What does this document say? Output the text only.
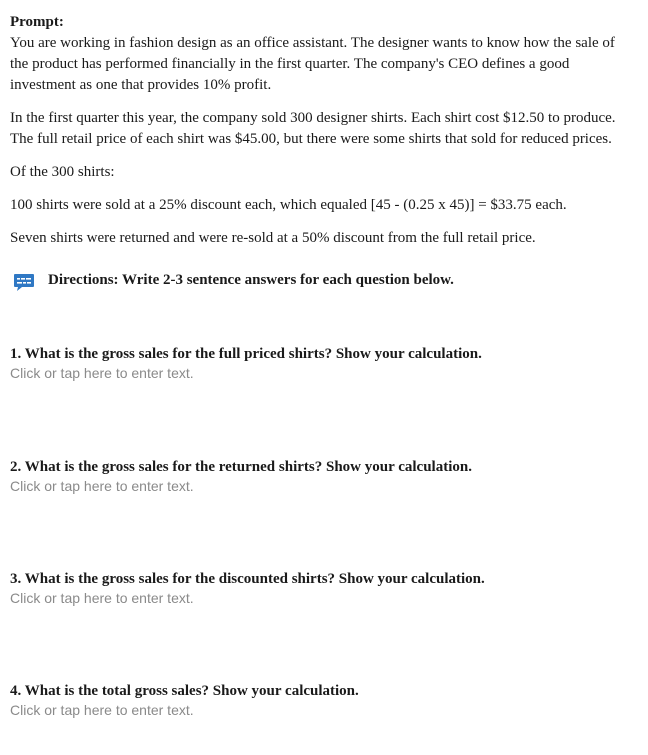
Prompt:

You are working in fashion design as an office assistant. The designer wants to know how the sale of the product has performed financially in the first quarter. The company's CEO defines a good investment as one that provides 10% profit.

In the first quarter this year, the company sold 300 designer shirts. Each shirt cost $12.50 to produce. The full retail price of each shirt was $45.00, but there were some shirts that sold for reduced prices.

Of the 300 shirts:

100 shirts were sold at a 25% discount each, which equaled [45 - (0.25 x 45)] = $33.75 each.

Seven shirts were returned and were re-sold at a 50% discount from the full retail price.

Directions: Write 2-3 sentence answers for each question below.

1. What is the gross sales for the full priced shirts? Show your calculation.

Click or tap here to enter text.

2. What is the gross sales for the returned shirts? Show your calculation.

Click or tap here to enter text.

3. What is the gross sales for the discounted shirts? Show your calculation.

Click or tap here to enter text.

4. What is the total gross sales? Show your calculation.

Click or tap here to enter text.
